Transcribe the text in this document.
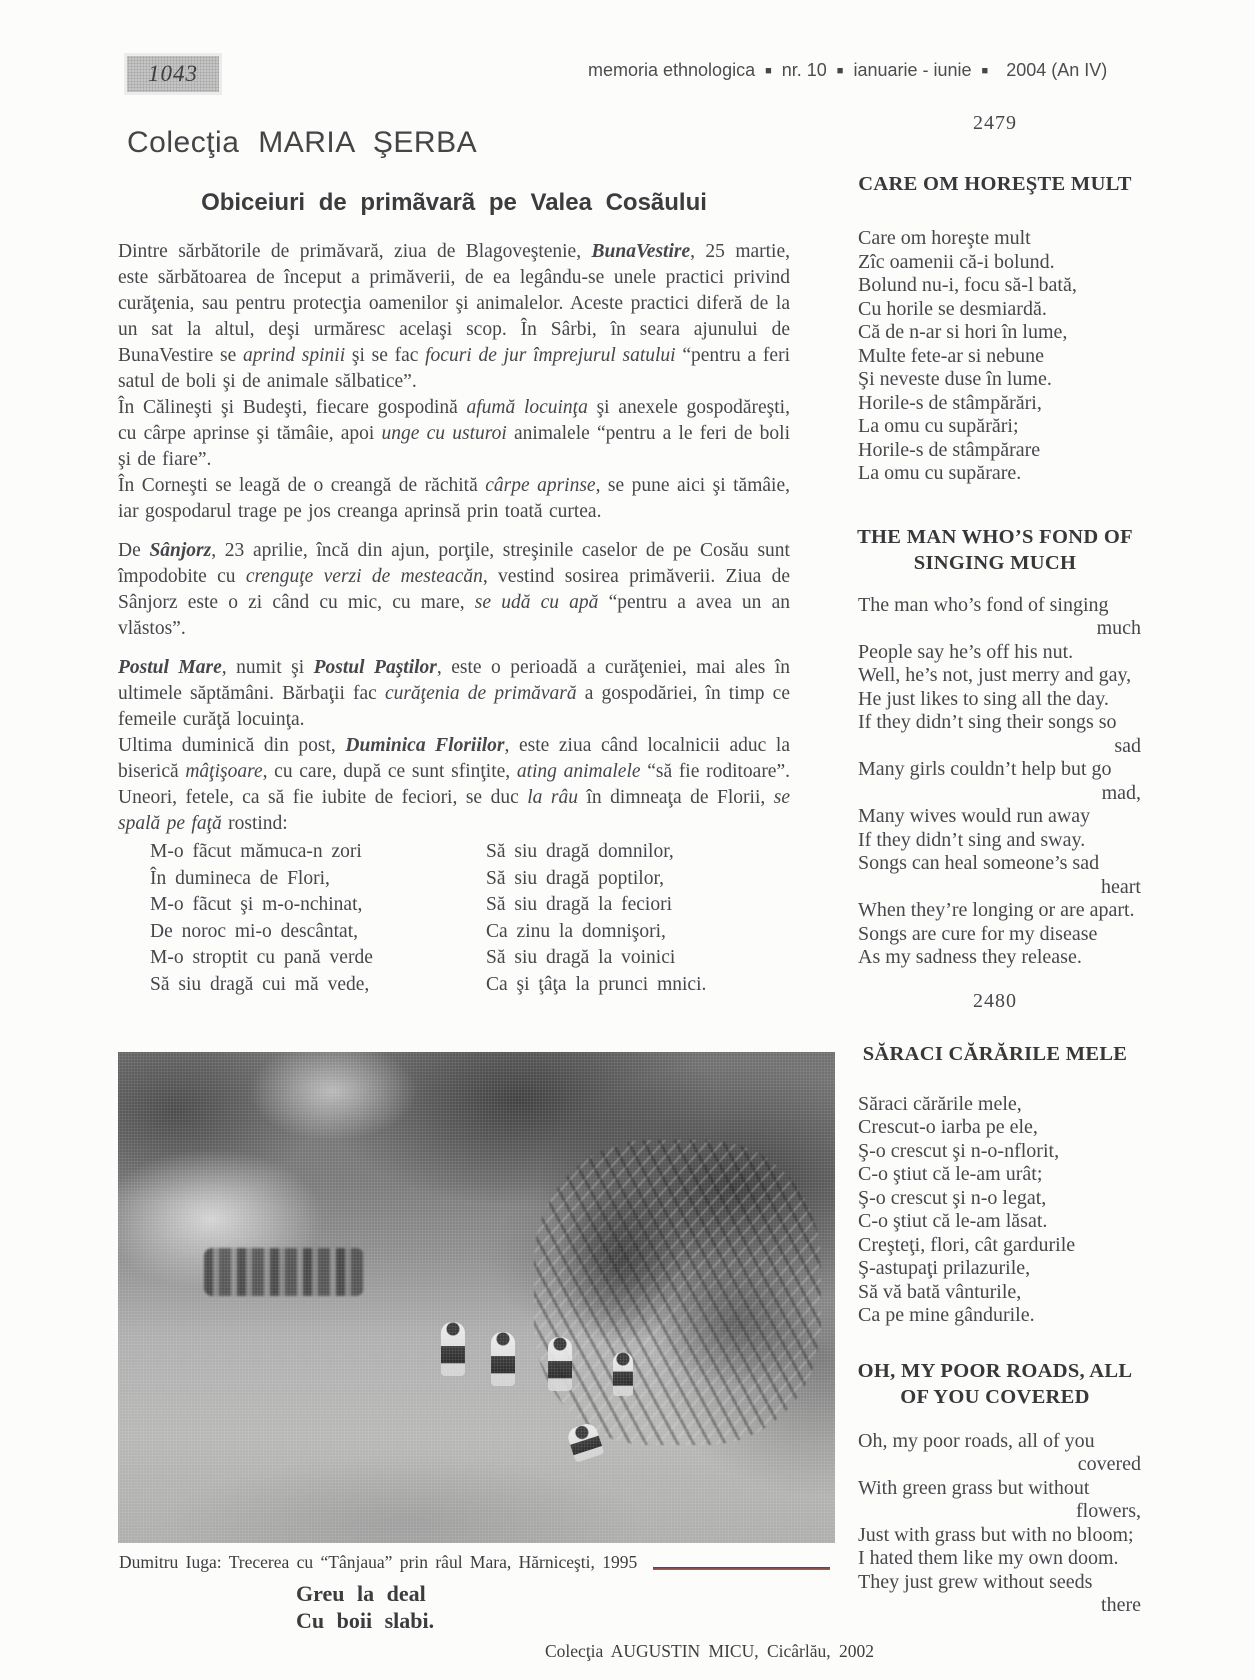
1043	memoria ethnologica ■ nr. 10 ■ ianuarie - iunie ■ 2004 (An IV)
Colecţia MARIA ŞERBA
Obiceiuri de primãvarã pe Valea Cosãului

Dintre sărbătorile de primăvară, ziua de Blagoveştenie, BunaVestire, 25 martie, este sărbătoarea de început a primăverii, de ea legându-se unele practici privind curăţenia, sau pentru protecţia oamenilor şi animalelor. Aceste practici diferă de la un sat la altul, deşi urmăresc acelaşi scop. În Sârbi, în seara ajunului de BunaVestire se aprind spinii şi se fac focuri de jur împrejurul satului “pentru a feri satul de boli şi de animale sălbatice”.

În Călineşti şi Budeşti, fiecare gospodină afumă locuinţa şi anexele gospodăreşti, cu cârpe aprinse şi tămâie, apoi unge cu usturoi animalele “pentru a le feri de boli şi de fiare”.

În Corneşti se leagă de o creangă de răchită cârpe aprinse, se pune aici şi tămâie, iar gospodarul trage pe jos creanga aprinsă prin toată curtea.

De Sânjorz, 23 aprilie, încă din ajun, porţile, streşinile caselor de pe Cosău sunt împodobite cu crenguţe verzi de mesteacăn, vestind sosirea primăverii. Ziua de Sânjorz este o zi când cu mic, cu mare, se udă cu apă “pentru a avea un an vlăstos”.

Postul Mare, numit şi Postul Paştilor, este o perioadă a curăţeniei, mai ales în ultimele săptămâni. Bărbaţii fac curăţenia de primăvară a gospodăriei, în timp ce femeile curăţă locuinţa.

Ultima duminică din post, Duminica Floriilor, este ziua când localnicii aduc la biserică mâţişoare, cu care, după ce sunt sfinţite, ating animalele “să fie roditoare”. Uneori, fetele, ca să fie iubite de feciori, se duc la râu în dimneaţa de Florii, se spală pe faţă rostind:

M-o fãcut mămuca-n zori
În dumineca de Flori,
M-o fãcut şi m-o-nchinat,
De noroc mi-o descântat,
M-o stroptit cu pană verde
Să siu dragă cui mă vede,
Să siu dragă domnilor,
Să siu dragă poptilor,
Să siu dragă la feciori
Ca zinu la domnişori,
Să siu dragă la voinici
Ca şi ţâţa la prunci mnici.
Dumitru Iuga: Trecerea cu “Tânjaua” prin râul Mara, Hărniceşti, 1995
Greu la deal
Cu boii slabi.
Colecţia AUGUSTIN MICU, Cicârlău, 2002
2479
CARE OM HOREŞTE MULT
Care om horeşte mult
Zîc oamenii că-i bolund.
Bolund nu-i, focu să-l bată,
Cu horile se desmiardă.
Că de n-ar si hori în lume,
Multe fete-ar si nebune
Şi neveste duse în lume.
Horile-s de stâmpărări,
La omu cu supărări;
Horile-s de stâmpărare
La omu cu supărare.
THE MAN WHO’S FOND OF
SINGING MUCH
The man who’s fond of singing
much
People say he’s off his nut.
Well, he’s not, just merry and gay,
He just likes to sing all the day.
If they didn’t sing their songs so
sad
Many girls couldn’t help but go
mad,
Many wives would run away
If they didn’t sing and sway.
Songs can heal someone’s sad
heart
When they’re longing or are apart.
Songs are cure for my disease
As my sadness they release.
2480
SĂRACI CĂRĂRILE MELE
Săraci cărările mele,
Crescut-o iarba pe ele,
Ş-o crescut şi n-o-nflorit,
C-o ştiut că le-am urât;
Ş-o crescut şi n-o legat,
C-o ştiut că le-am lăsat.
Creşteţi, flori, cât gardurile
Ş-astupaţi prilazurile,
Să vă bată vânturile,
Ca pe mine gândurile.
OH, MY POOR ROADS, ALL
OF YOU COVERED
Oh, my poor roads, all of you
covered
With green grass but without
flowers,
Just with grass but with no bloom;
I hated them like my own doom.
They just grew without seeds
there
